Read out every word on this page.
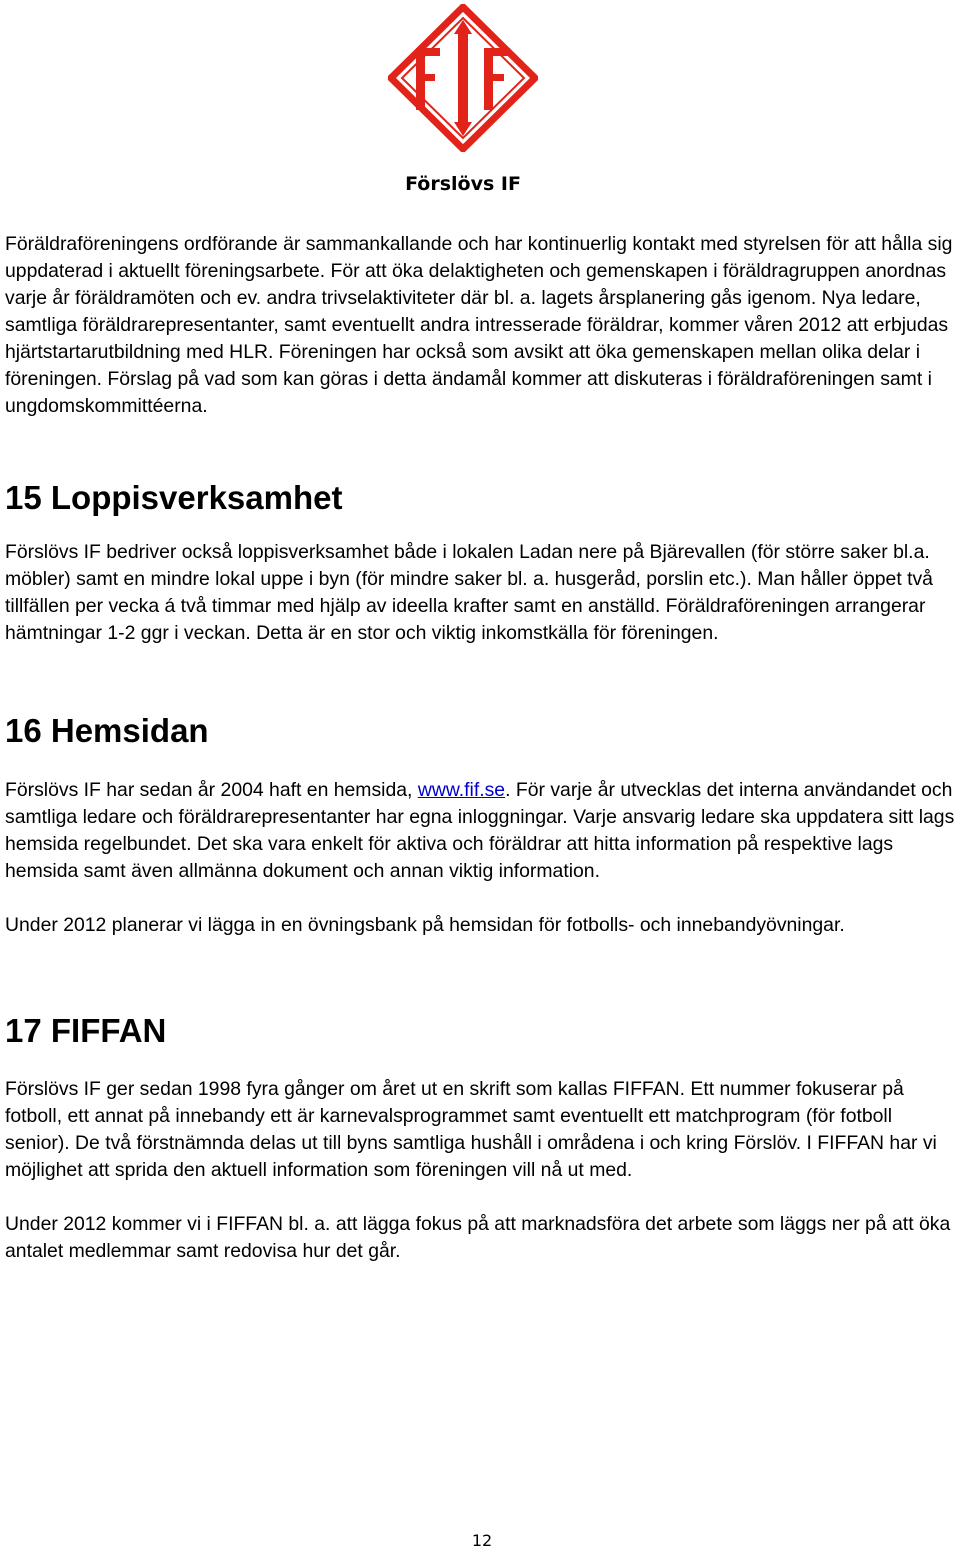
Förslövs IF

Föräldraföreningens ordförande är sammankallande och har kontinuerlig kontakt med styrelsen för att hålla sig uppdaterad i aktuellt föreningsarbete. För att öka delaktigheten och gemenskapen i föräldragruppen anordnas varje år föräldramöten och ev. andra trivselaktiviteter där bl. a. lagets årsplanering gås igenom. Nya ledare, samtliga föräldrarepresentanter, samt eventuellt andra intresserade föräldrar, kommer våren 2012 att erbjudas hjärtstartarutbildning med HLR. Föreningen har också som avsikt att öka gemenskapen mellan olika delar i föreningen. Förslag på vad som kan göras i detta ändamål kommer att diskuteras i föräldraföreningen samt i ungdomskommittéerna.

15 Loppisverksamhet

Förslövs IF bedriver också loppisverksamhet både i lokalen Ladan nere på Bjärevallen (för större saker bl.a. möbler) samt en mindre lokal uppe i byn (för mindre saker bl. a. husgeråd, porslin etc.). Man håller öppet två tillfällen per vecka á två timmar med hjälp av ideella krafter samt en anställd. Föräldraföreningen arrangerar hämtningar 1-2 ggr i veckan. Detta är en stor och viktig inkomstkälla för föreningen.

16 Hemsidan

Förslövs IF har sedan år 2004 haft en hemsida, www.fif.se. För varje år utvecklas det interna användandet och samtliga ledare och föräldrarepresentanter har egna inloggningar. Varje ansvarig ledare ska uppdatera sitt lags hemsida regelbundet. Det ska vara enkelt för aktiva och föräldrar att hitta information på respektive lags hemsida samt även allmänna dokument och annan viktig information.

Under 2012 planerar vi lägga in en övningsbank på hemsidan för fotbolls- och innebandyövningar.

17 FIFFAN

Förslövs IF ger sedan 1998 fyra gånger om året ut en skrift som kallas FIFFAN. Ett nummer fokuserar på fotboll, ett annat på innebandy ett är karnevalsprogrammet samt eventuellt ett matchprogram (för fotboll senior). De två förstnämnda delas ut till byns samtliga hushåll i områdena i och kring Förslöv. I FIFFAN har vi möjlighet att sprida den aktuell information som föreningen vill nå ut med.

Under 2012 kommer vi i FIFFAN bl. a. att lägga fokus på att marknadsföra det arbete som läggs ner på att öka antalet medlemmar samt redovisa hur det går.

12
